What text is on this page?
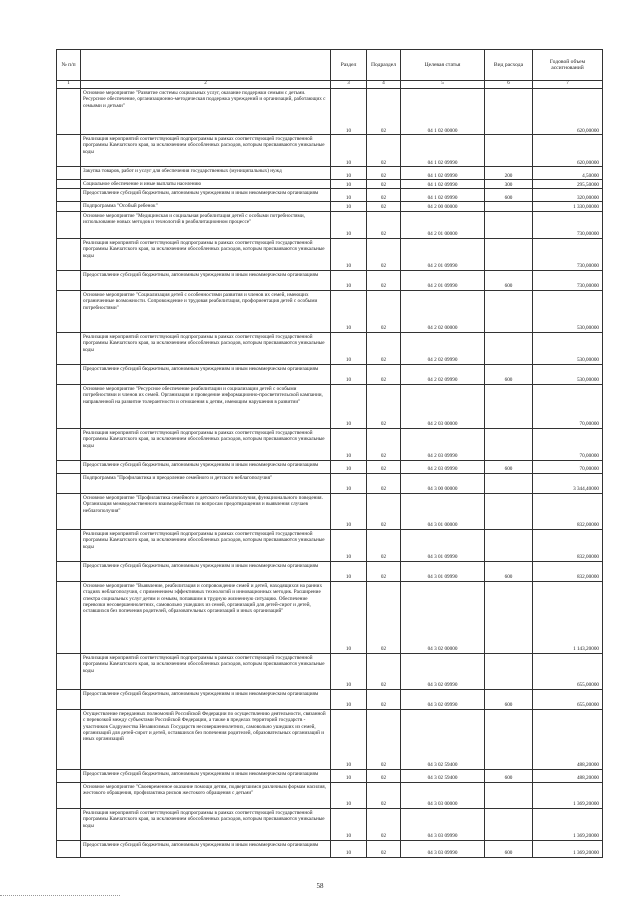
№ п/п		Раздел	Подраздел	Целевая статья	Вид расхода	Годовой объем ассигнований
1	2	3	4	5	6	7
	Основное мероприятие "Развитие системы социальных услуг, оказание поддержки семьям с детьми. Ресурсное обеспечение, организационно-методическая поддержка учреждений и организаций, работающих с семьями и детьми"	10	02	04 1 02 00000		620,00000
	Реализация мероприятий соответствующей подпрограммы в рамках соответствующей государственной программы Камчатского края, за исключением обособленных расходов, которым присваиваются уникальные коды	10	02	04 1 02 09990		620,00000
	Закупка товаров, работ и услуг для обеспечения государственных (муниципальных) нужд	10	02	04 1 02 09990	200	4,50000
	Социальное обеспечение и иные выплаты населению	10	02	04 1 02 09990	300	295,50000
	Предоставление субсидий бюджетным, автономным учреждениям и иным некоммерческим организациям	10	02	04 1 02 09990	600	320,00000
	Подпрограмма "Особый ребенок"	10	02	04 2 00 00000		1 330,00000
	Основное мероприятие "Медицинская и социальная реабилитация детей с особыми потребностями, использование новых методов и технологий в реабилитационном процессе"	10	02	04 2 01 00000		730,00000
	Реализация мероприятий соответствующей подпрограммы в рамках соответствующей государственной программы Камчатского края, за исключением обособленных расходов, которым присваиваются уникальные коды	10	02	04 2 01 09990		730,00000
	Предоставление субсидий бюджетным, автономным учреждениям и иным некоммерческим организациям	10	02	04 2 01 09990	600	730,00000
	Основное мероприятие "Социализация детей с особенностями развития и членов их семей, имеющих ограниченные возможности. Сопровождение и трудовая реабилитация, профориентация детей с особыми потребностями"	10	02	04 2 02 00000		530,00000
	Реализация мероприятий соответствующей подпрограммы в рамках соответствующей государственной программы Камчатского края, за исключением обособленных расходов, которым присваиваются уникальные коды	10	02	04 2 02 09990		530,00000
	Предоставление субсидий бюджетным, автономным учреждениям и иным некоммерческим организациям	10	02	04 2 02 09990	600	530,00000
	Основное мероприятие "Ресурсное обеспечение реабилитации и социализации детей с особыми потребностями и членов их семей. Организация и проведение информационно-просветительской кампании, направленной на развитие толерантности и отношения к детям, имеющим нарушения в развитии"	10	02	04 2 03 00000		70,00000
	Реализация мероприятий соответствующей подпрограммы в рамках соответствующей государственной программы Камчатского края, за исключением обособленных расходов, которым присваиваются уникальные коды	10	02	04 2 03 09990		70,00000
	Предоставление субсидий бюджетным, автономным учреждениям и иным некоммерческим организациям	10	02	04 2 03 09990	600	70,00000
	Подпрограмма "Профилактика и преодоление семейного и детского неблагополучия"	10	02	04 3 00 00000		3 344,40000
	Основное мероприятие "Профилактика семейного и детского неблагополучия, функционального поведения. Организация межведомственного взаимодействия по вопросам предотвращения и выявления случаев неблагополучия"	10	02	04 3 01 00000		832,00000
	Реализация мероприятий соответствующей подпрограммы в рамках соответствующей государственной программы Камчатского края, за исключением обособленных расходов, которым присваиваются уникальные коды	10	02	04 3 01 09990		832,00000
	Предоставление субсидий бюджетным, автономным учреждениям и иным некоммерческим организациям	10	02	04 3 01 09990	600	832,00000
	Основное мероприятие "Выявление, реабилитация и сопровождение семей и детей, находящихся на ранних стадиях неблагополучия, с применением эффективных технологий и инновационных методик. Расширение спектра социальных услуг детям и семьям, попавшим в трудную жизненную ситуацию. Обеспечение перевозки несовершеннолетних, самовольно ушедших из семей, организаций для детей-сирот и детей, оставшихся без попечения родителей, образовательных организаций и иных организаций"	10	02	04 3 02 00000		1 143,20000
	Реализация мероприятий соответствующей подпрограммы в рамках соответствующей государственной программы Камчатского края, за исключением обособленных расходов, которым присваиваются уникальные коды	10	02	04 3 02 09990		655,00000
	Предоставление субсидий бюджетным, автономным учреждениям и иным некоммерческим организациям	10	02	04 3 02 09990	600	655,00000
	Осуществление переданных полномочий Российской Федерации по осуществлению деятельности, связанной с перевозкой между субъектами Российской Федерации, а также в пределах территорий государств - участников Содружества Независимых Государств несовершеннолетних, самовольно ушедших из семей, организаций для детей-сирот и детей, оставшихся без попечения родителей, образовательных организаций и иных организаций	10	02	04 3 02 59400		488,20000
	Предоставление субсидий бюджетным, автономным учреждениям и иным некоммерческим организациям	10	02	04 3 02 59400	600	488,20000
	Основное мероприятие "Своевременное оказание помощи детям, подвергшимся различным формам насилия, жестокого обращения, профилактика рисков жестокого обращения с детьми"	10	02	04 3 03 00000		1 369,20000
	Реализация мероприятий соответствующей подпрограммы в рамках соответствующей государственной программы Камчатского края, за исключением обособленных расходов, которым присваиваются уникальные коды	10	02	04 3 03 09990		1 369,20000
	Предоставление субсидий бюджетным, автономным учреждениям и иным некоммерческим организациям	10	02	04 3 03 09990	600	1 369,20000
58
